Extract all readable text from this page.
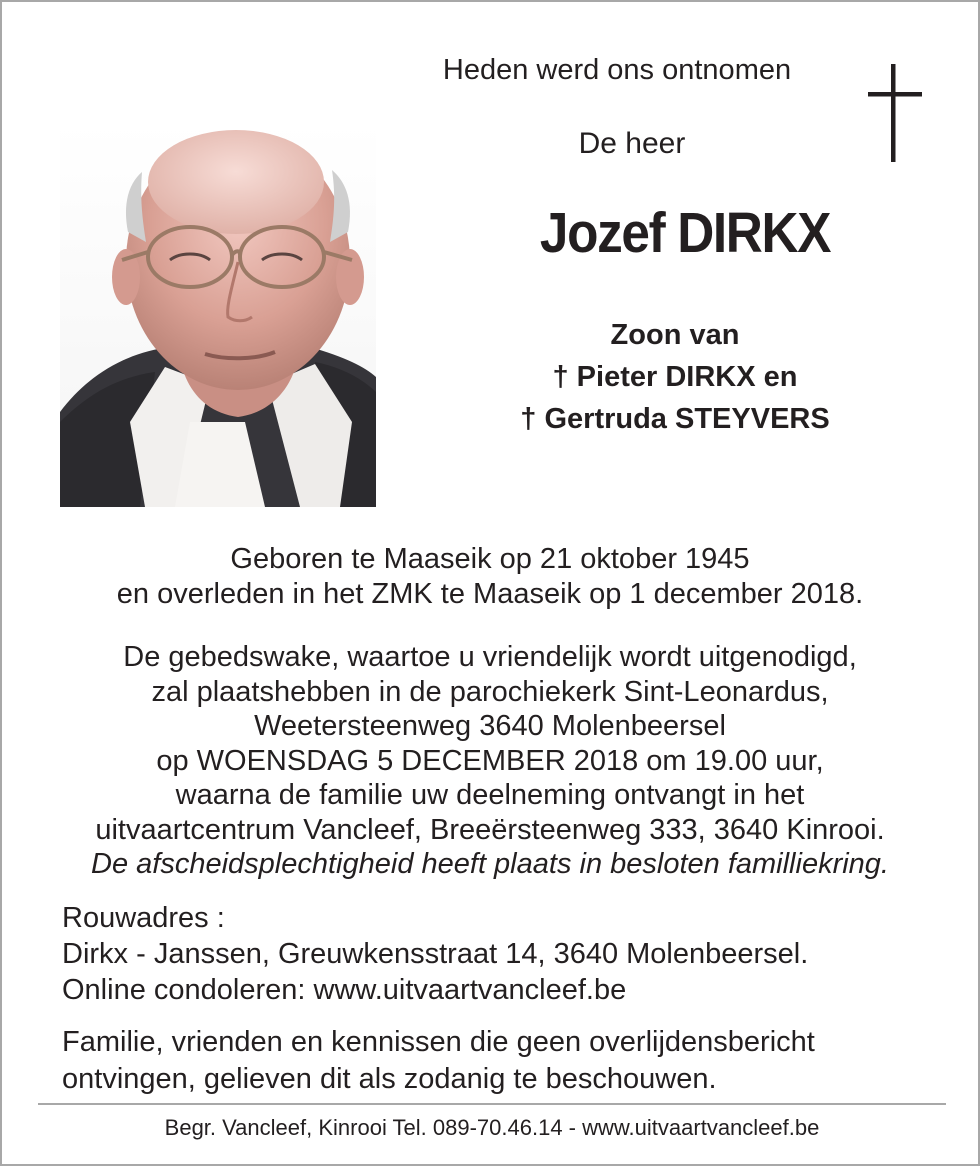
Heden werd ons ontnomen
De heer
Jozef DIRKX
Zoon van
† Pieter DIRKX en
† Gertruda STEYVERS
Geboren te Maaseik op 21 oktober 1945
en overleden in het ZMK te Maaseik op 1 december 2018.
De gebedswake, waartoe u vriendelijk wordt uitgenodigd,
zal plaatshebben in de parochiekerk Sint-Leonardus,
Weetersteenweg 3640 Molenbeersel
op WOENSDAG 5 DECEMBER 2018 om 19.00 uur,
waarna de familie uw deelneming ontvangt in het
uitvaartcentrum Vancleef, Breeërsteenweg 333, 3640 Kinrooi.
De afscheidsplechtigheid heeft plaats in besloten familliekring.
Rouwadres :
Dirkx - Janssen, Greuwkensstraat 14, 3640 Molenbeersel.
Online condoleren: www.uitvaartvancleef.be
Familie, vrienden en kennissen die geen overlijdensbericht
ontvingen, gelieven dit als zodanig te beschouwen.
Begr. Vancleef, Kinrooi Tel. 089-70.46.14 - www.uitvaartvancleef.be
